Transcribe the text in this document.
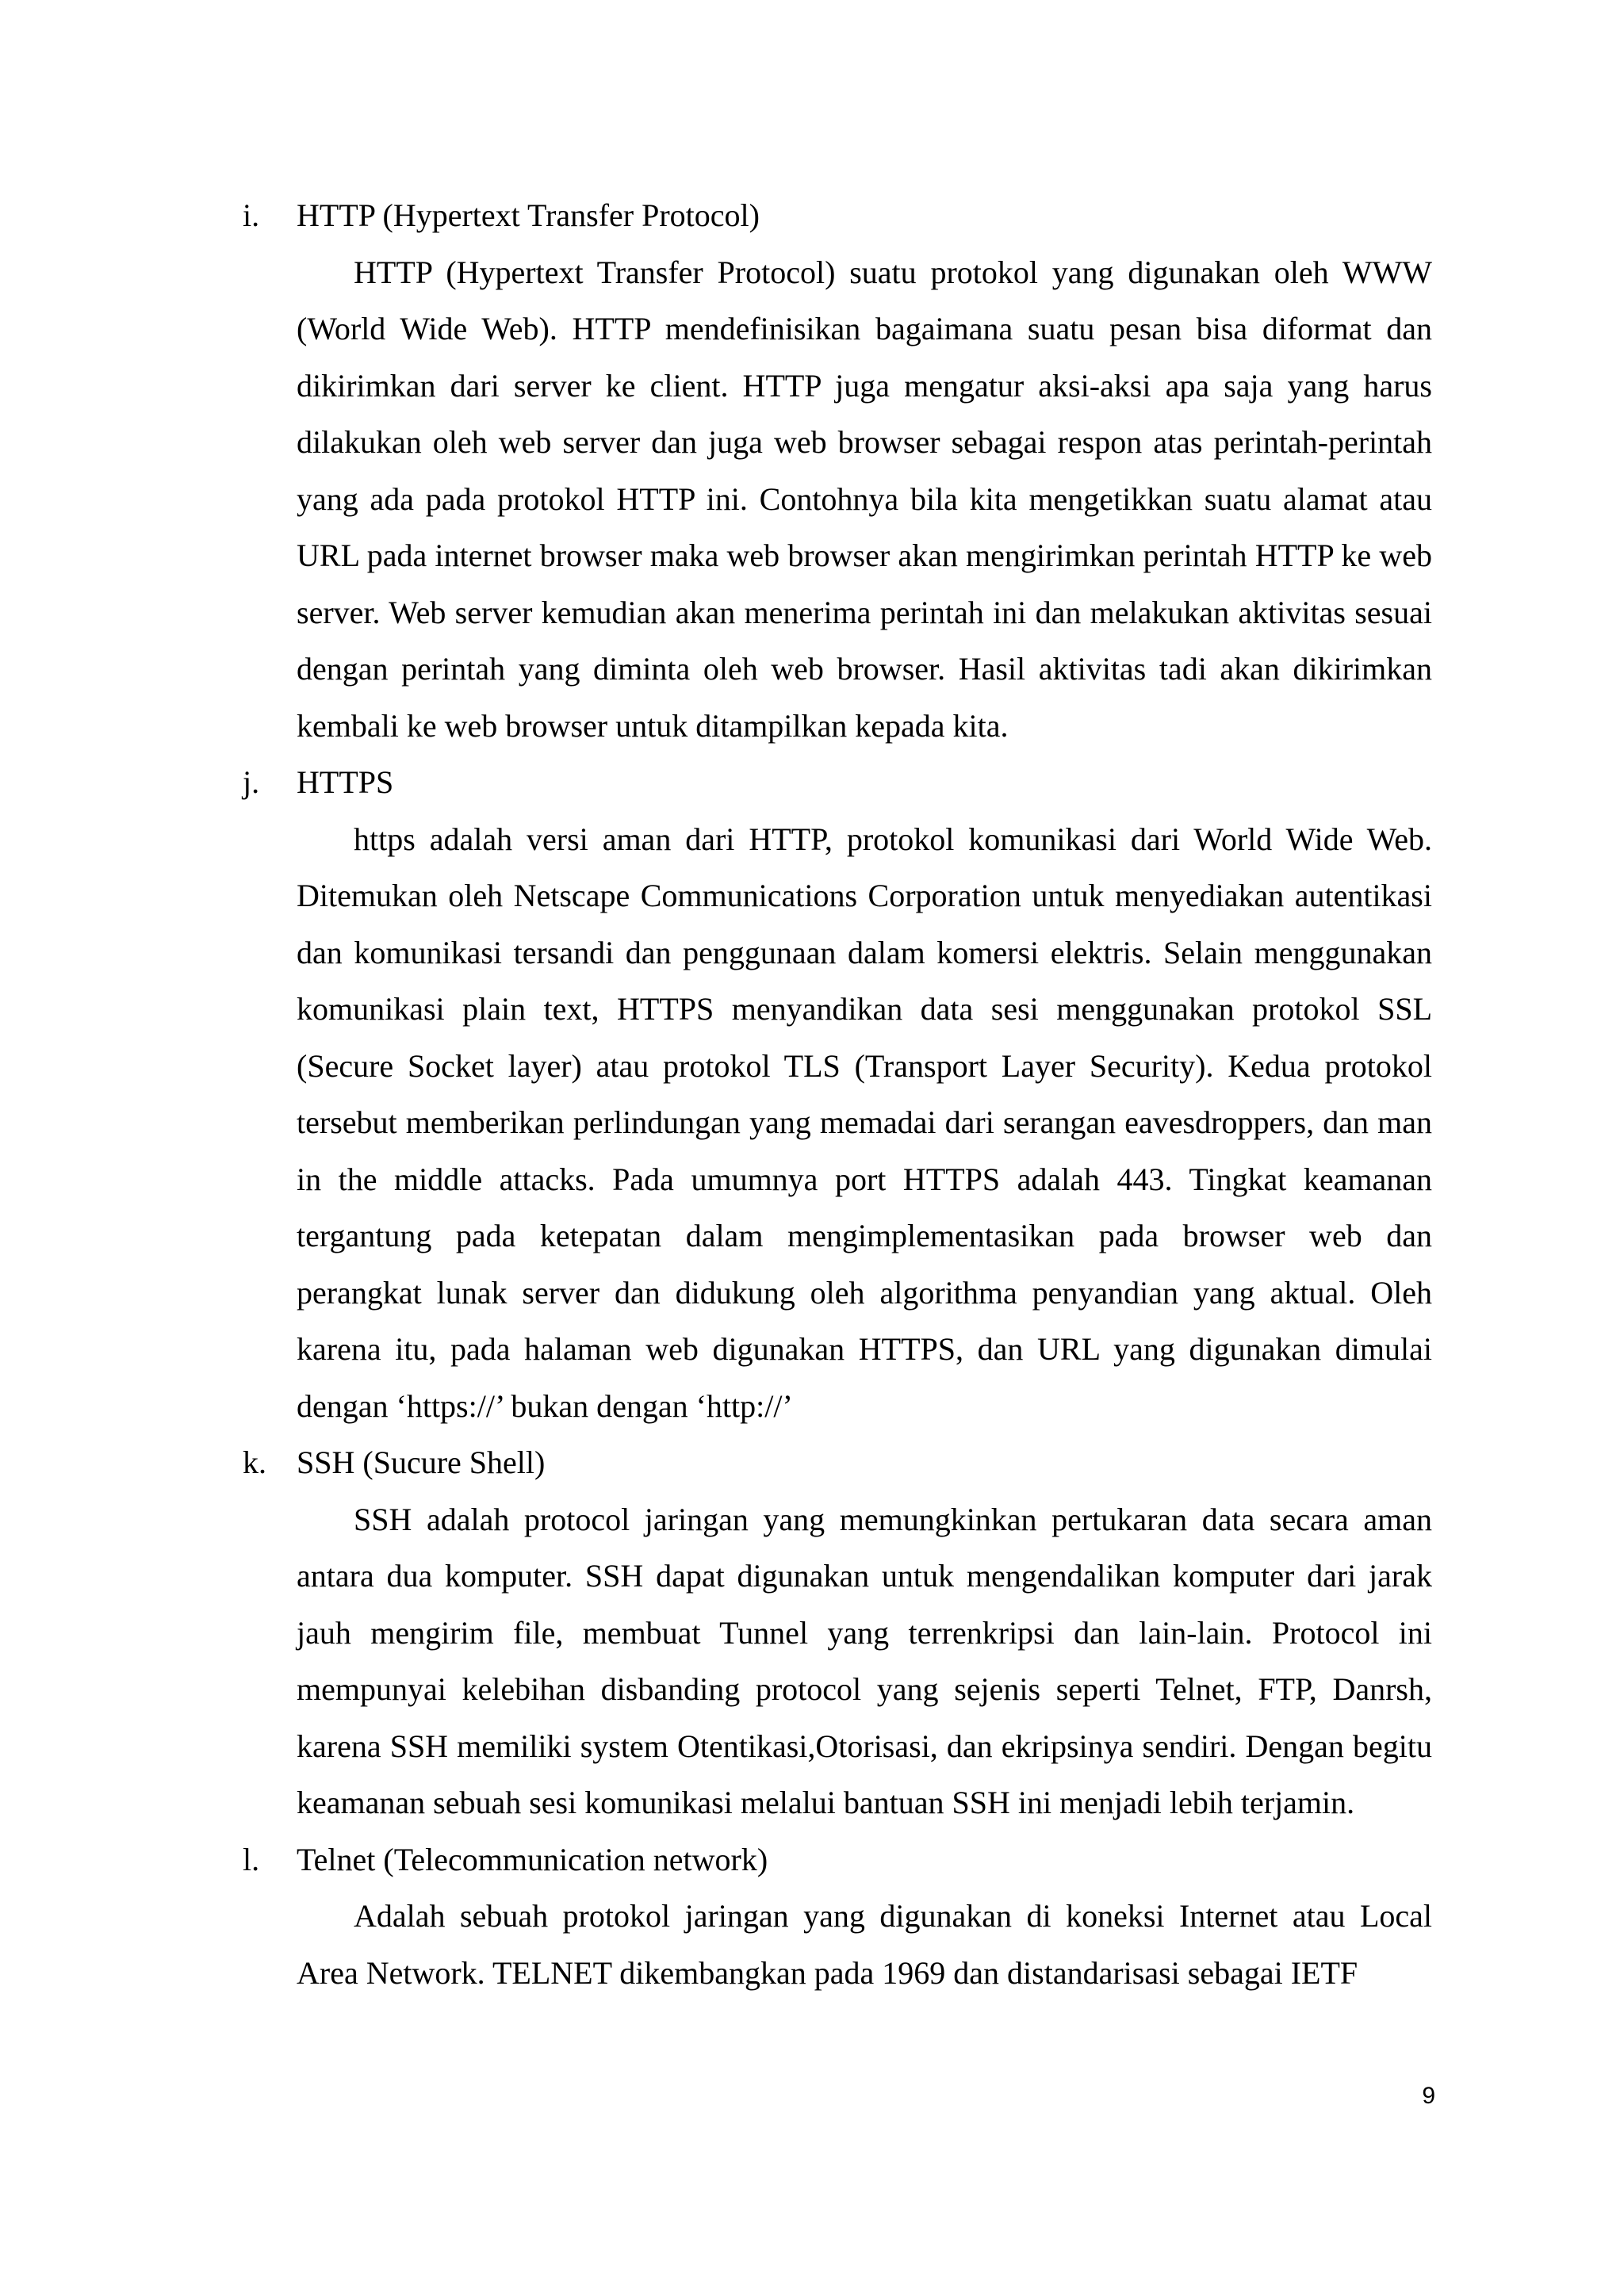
i. HTTP (Hypertext Transfer Protocol)
HTTP (Hypertext Transfer Protocol) suatu protokol yang digunakan oleh WWW (World Wide Web). HTTP mendefinisikan bagaimana suatu pesan bisa diformat dan dikirimkan dari server ke client. HTTP juga mengatur aksi-aksi apa saja yang harus dilakukan oleh web server dan juga web browser sebagai respon atas perintah-perintah yang ada pada protokol HTTP ini. Contohnya bila kita mengetikkan suatu alamat atau URL pada internet browser maka web browser akan mengirimkan perintah HTTP ke web server. Web server kemudian akan menerima perintah ini dan melakukan aktivitas sesuai dengan perintah yang diminta oleh web browser. Hasil aktivitas tadi akan dikirimkan kembali ke web browser untuk ditampilkan kepada kita.
j. HTTPS
https adalah versi aman dari HTTP, protokol komunikasi dari World Wide Web. Ditemukan oleh Netscape Communications Corporation untuk menyediakan autentikasi dan komunikasi tersandi dan penggunaan dalam komersi elektris. Selain menggunakan komunikasi plain text, HTTPS menyandikan data sesi menggunakan protokol SSL (Secure Socket layer) atau protokol TLS (Transport Layer Security). Kedua protokol tersebut memberikan perlindungan yang memadai dari serangan eavesdroppers, dan man in the middle attacks. Pada umumnya port HTTPS adalah 443. Tingkat keamanan tergantung pada ketepatan dalam mengimplementasikan pada browser web dan perangkat lunak server dan didukung oleh algorithma penyandian yang aktual. Oleh karena itu, pada halaman web digunakan HTTPS, dan URL yang digunakan dimulai dengan ‘https://’ bukan dengan ‘http://’
k. SSH (Sucure Shell)
SSH adalah protocol jaringan yang memungkinkan pertukaran data secara aman antara dua komputer. SSH dapat digunakan untuk mengendalikan komputer dari jarak jauh mengirim file, membuat Tunnel yang terrenkripsi dan lain-lain. Protocol ini mempunyai kelebihan disbanding protocol yang sejenis seperti Telnet, FTP, Danrsh, karena SSH memiliki system Otentikasi,Otorisasi, dan ekripsinya sendiri. Dengan begitu keamanan sebuah sesi komunikasi melalui bantuan SSH ini menjadi lebih terjamin.
l. Telnet (Telecommunication network)
Adalah sebuah protokol jaringan yang digunakan di koneksi Internet atau Local Area Network. TELNET dikembangkan pada 1969 dan distandarisasi sebagai IETF
9
